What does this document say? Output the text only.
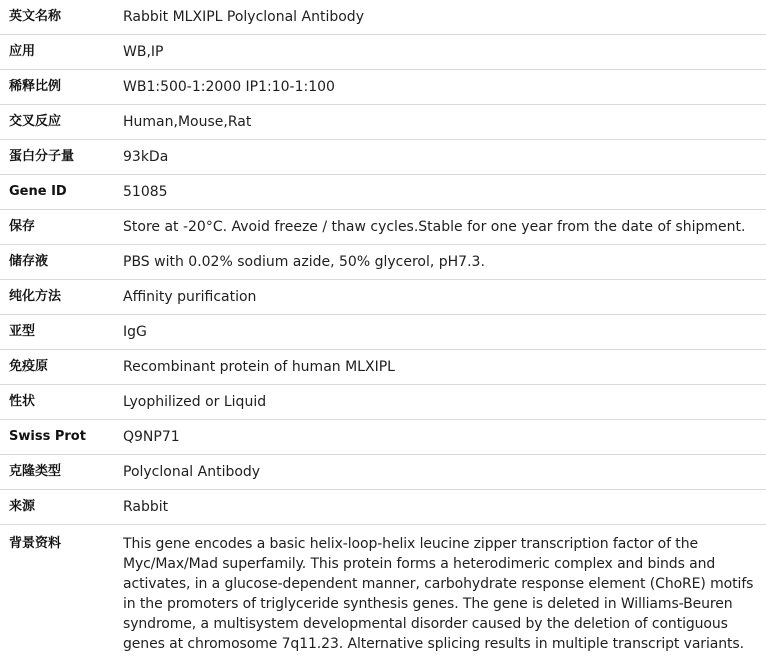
英文名称	Rabbit MLXIPL Polyclonal Antibody
应用	WB,IP
稀释比例	WB1:500-1:2000 IP1:10-1:100
交叉反应	Human,Mouse,Rat
蛋白分子量	93kDa
Gene ID	51085
保存	Store at -20°C. Avoid freeze / thaw cycles.Stable for one year from the date of shipment.
储存液	PBS with 0.02% sodium azide, 50% glycerol, pH7.3.
纯化方法	Affinity purification
亚型	IgG
免疫原	Recombinant protein of human MLXIPL
性状	Lyophilized or Liquid
Swiss Prot	Q9NP71
克隆类型	Polyclonal Antibody
来源	Rabbit
背景资料	This gene encodes a basic helix-loop-helix leucine zipper transcription factor of the Myc/Max/Mad superfamily. This protein forms a heterodimeric complex and binds and activates, in a glucose-dependent manner, carbohydrate response element (ChoRE) motifs in the promoters of triglyceride synthesis genes. The gene is deleted in Williams-Beuren syndrome, a multisystem developmental disorder caused by the deletion of contiguous genes at chromosome 7q11.23. Alternative splicing results in multiple transcript variants.
